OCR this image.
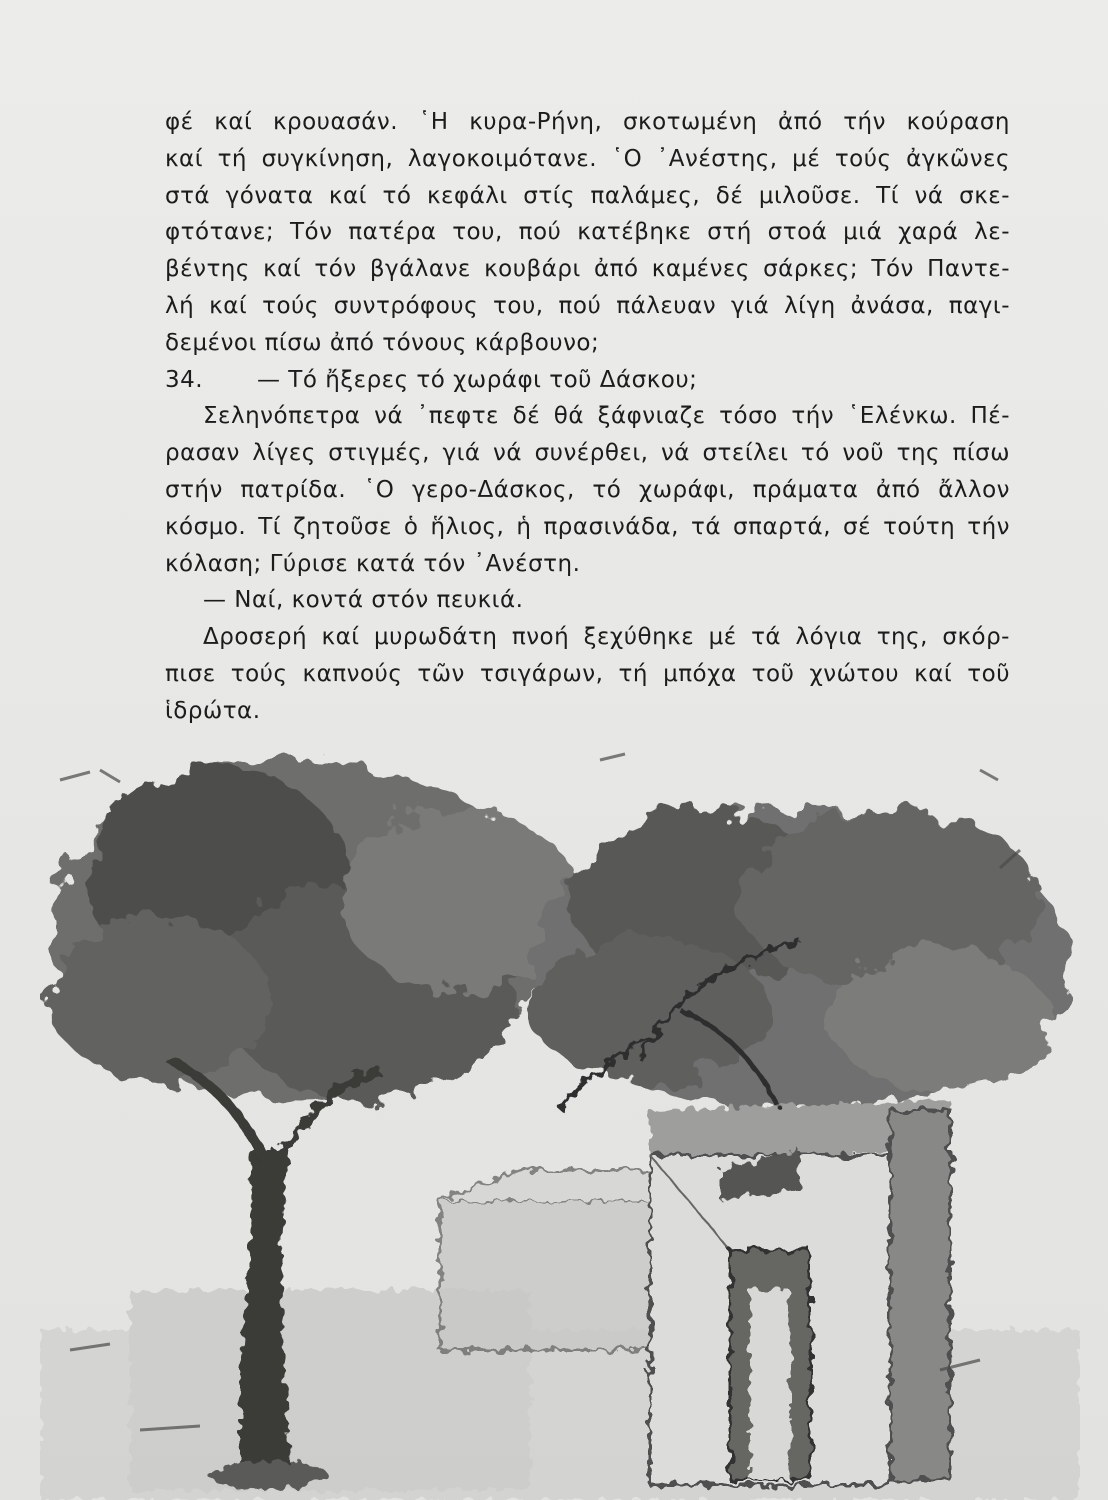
φέ καί κρουασάν. ῾Η κυρα-Ρήνη, σκοτωμένη ἀπό τήν κούραση
καί τή συγκίνηση, λαγοκοιμότανε. ῾Ο ᾿Ανέστης, μέ τούς ἀγκῶνες
στά γόνατα καί τό κεφάλι στίς παλάμες, δέ μιλοῦσε. Τί νά σκε-
φτότανε; Τόν πατέρα του, πού κατέβηκε στή στοά μιά χαρά λε-
βέντης καί τόν βγάλανε κουβάρι ἀπό καμένες σάρκες; Τόν Παντε-
λή καί τούς συντρόφους του, πού πάλευαν γιά λίγη ἀνάσα, παγι-
δεμένοι πίσω ἀπό τόνους κάρβουνο;
34. — Τό ἤξερες τό χωράφι τοῦ Δάσκου;
Σεληνόπετρα νά ᾿πεφτε δέ θά ξάφνιαζε τόσο τήν ῾Ελένκω. Πέ-
ρασαν λίγες στιγμές, γιά νά συνέρθει, νά στείλει τό νοῦ της πίσω
στήν πατρίδα. ῾Ο γερο-Δάσκος, τό χωράφι, πράματα ἀπό ἄλλον
κόσμο. Τί ζητοῦσε ὁ ἥλιος, ἡ πρασινάδα, τά σπαρτά, σέ τούτη τήν
κόλαση; Γύρισε κατά τόν ᾿Ανέστη.
— Ναί, κοντά στόν πευκιά.
Δροσερή καί μυρωδάτη πνοή ξεχύθηκε μέ τά λόγια της, σκόρ-
πισε τούς καπνούς τῶν τσιγάρων, τή μπόχα τοῦ χνώτου καί τοῦ
ἱδρώτα.
